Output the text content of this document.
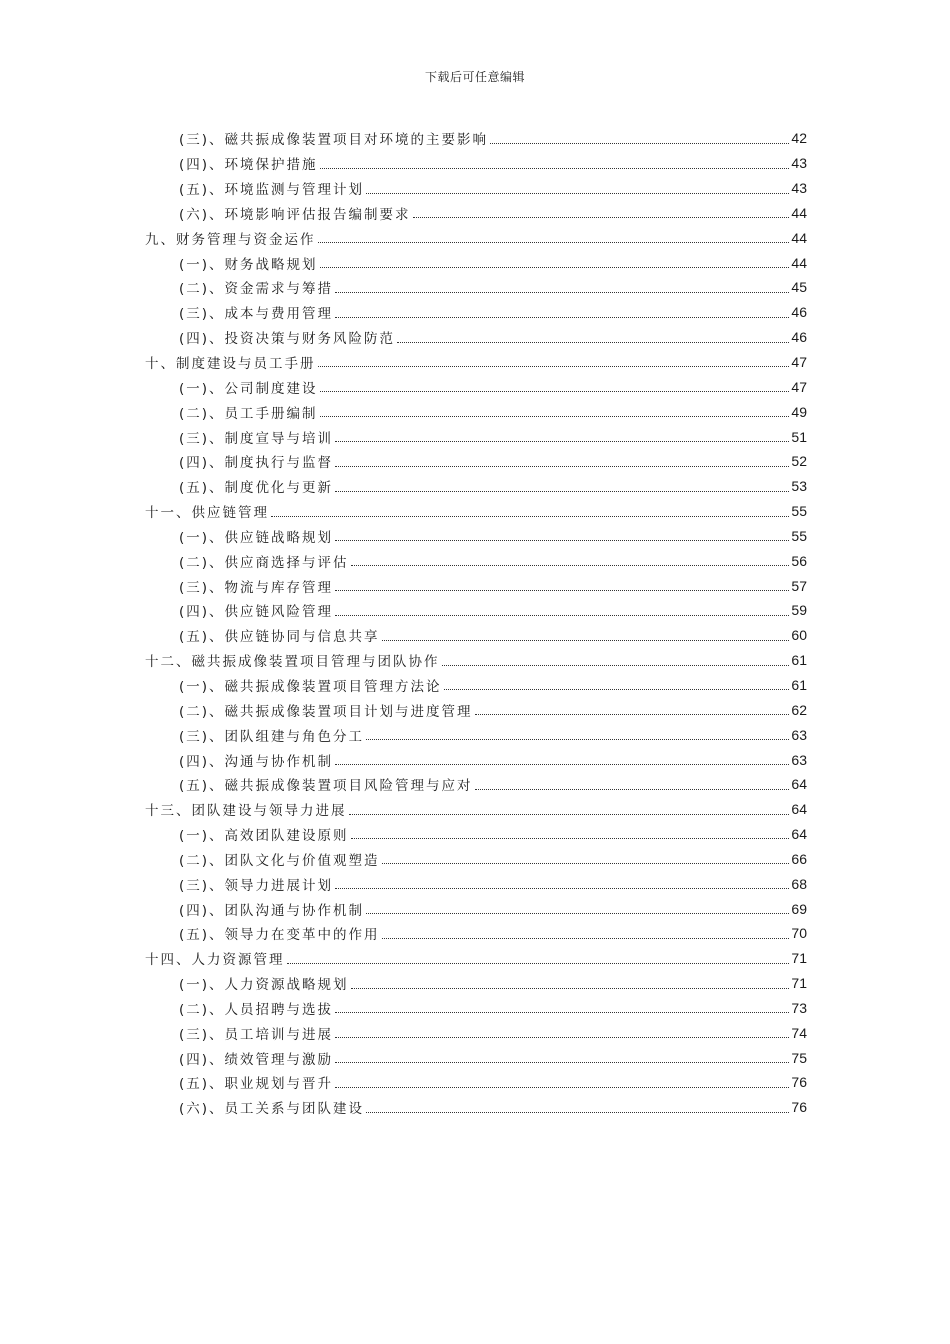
下载后可任意编辑
(三)、磁共振成像装置项目对环境的主要影响	42
(四)、环境保护措施	43
(五)、环境监测与管理计划	43
(六)、环境影响评估报告编制要求	44
九、财务管理与资金运作	44
(一)、财务战略规划	44
(二)、资金需求与筹措	45
(三)、成本与费用管理	46
(四)、投资决策与财务风险防范	46
十、制度建设与员工手册	47
(一)、公司制度建设	47
(二)、员工手册编制	49
(三)、制度宣导与培训	51
(四)、制度执行与监督	52
(五)、制度优化与更新	53
十一、供应链管理	55
(一)、供应链战略规划	55
(二)、供应商选择与评估	56
(三)、物流与库存管理	57
(四)、供应链风险管理	59
(五)、供应链协同与信息共享	60
十二、磁共振成像装置项目管理与团队协作	61
(一)、磁共振成像装置项目管理方法论	61
(二)、磁共振成像装置项目计划与进度管理	62
(三)、团队组建与角色分工	63
(四)、沟通与协作机制	63
(五)、磁共振成像装置项目风险管理与应对	64
十三、团队建设与领导力进展	64
(一)、高效团队建设原则	64
(二)、团队文化与价值观塑造	66
(三)、领导力进展计划	68
(四)、团队沟通与协作机制	69
(五)、领导力在变革中的作用	70
十四、人力资源管理	71
(一)、人力资源战略规划	71
(二)、人员招聘与选拔	73
(三)、员工培训与进展	74
(四)、绩效管理与激励	75
(五)、职业规划与晋升	76
(六)、员工关系与团队建设	76
